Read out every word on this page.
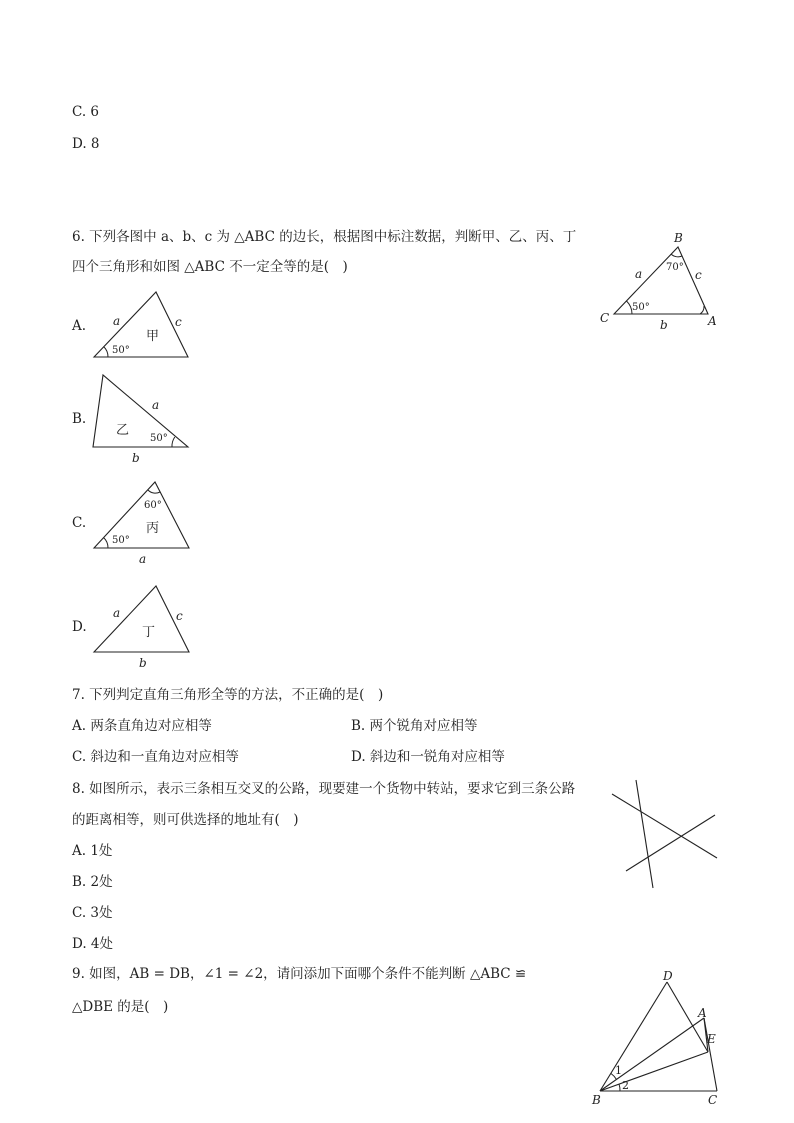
C. 6
D. 8
6. 下列各图中 a、b、c 为 △ABC 的边长，根据图中标注数据，判断甲、乙、丙、丁
四个三角形和如图 △ABC 不一定全等的是(　)
B
C	A
a	c
b
70°
50°
A. a	c
50°
甲
B.
a
b
50°
乙
C.
50°
60°
丙
a
D.
a	c
b
丁
7. 下列判定直角三角形全等的方法，不正确的是(　)
A. 两条直角边对应相等	B. 两个锐角对应相等
C. 斜边和一直角边对应相等	D. 斜边和一锐角对应相等
8. 如图所示，表示三条相互交叉的公路，现要建一个货物中转站，要求它到三条公路
的距离相等，则可供选择的地址有(　)
A. 1处
B. 2处
C. 3处
D. 4处
9. 如图，AB = DB，∠1 = ∠2，请问添加下面哪个条件不能判断 △ABC ≌
△DBE 的是(　)
D
A
E
B	C
1
2
